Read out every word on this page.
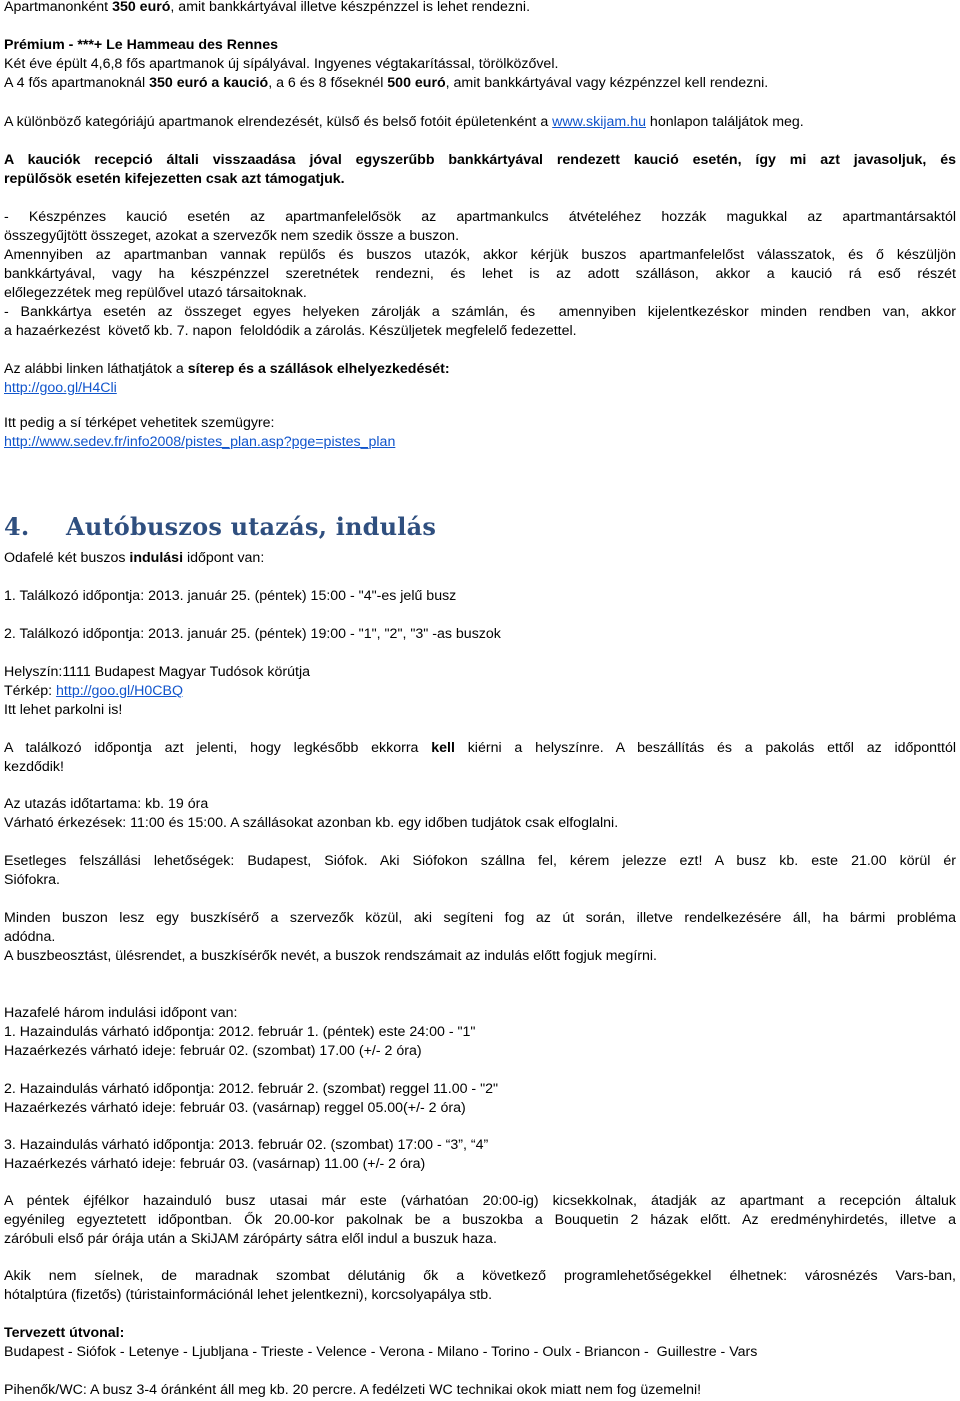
Apartmanonként 350 euró, amit bankkártyával illetve készpénzzel is lehet rendezni.
Prémium - ***+ Le Hammeau des Rennes
Két éve épült 4,6,8 fős apartmanok új sípályával. Ingyenes végtakarítással, törölközővel.
A 4 fős apartmanoknál 350 euró a kaució, a 6 és 8 főseknél 500 euró, amit bankkártyával vagy kézpénzzel kell rendezni.
A különböző kategóriájú apartmanok elrendezését, külső és belső fotóit épületenként a www.skijam.hu honlapon találjátok meg.
A kauciók recepció általi visszaadása jóval egyszerűbb bankkártyával rendezett kaució esetén, így mi azt javasoljuk, és
repülősök esetén kifejezetten csak azt támogatjuk.
- Készpénzes kaució esetén az apartmanfelelősök az apartmankulcs átvételéhez hozzák magukkal az apartmantársaktól
összegyűjtött összeget, azokat a szervezők nem szedik össze a buszon.
Amennyiben az apartmanban vannak repülős és buszos utazók, akkor kérjük buszos apartmanfelelőst válasszatok, és ő készüljön
bankkártyával, vagy ha készpénzzel szeretnétek rendezni, és lehet is az adott szálláson, akkor a kaució rá eső részét
előlegezzétek meg repülővel utazó társaitoknak.
- Bankkártya esetén az összeget egyes helyeken zárolják a számlán, és  amennyiben kijelentkezéskor minden rendben van, akkor
a hazaérkezést  követő kb. 7. napon  feloldódik a zárolás. Készüljetek megfelelő fedezettel.
Az alábbi linken láthatjátok a síterep és a szállások elhelyezkedését:
http://goo.gl/H4Cli
Itt pedig a sí térképet vehetitek szemügyre:
http://www.sedev.fr/info2008/pistes_plan.asp?pge=pistes_plan
4. Autóbuszos utazás, indulás
Odafelé két buszos indulási időpont van:
1. Találkozó időpontja: 2013. január 25. (péntek) 15:00 - "4"-es jelű busz
2. Találkozó időpontja: 2013. január 25. (péntek) 19:00 - "1", "2", "3" -as buszok
Helyszín:1111 Budapest Magyar Tudósok körútja
Térkép: http://goo.gl/H0CBQ
Itt lehet parkolni is!
A találkozó időpontja azt jelenti, hogy legkésőbb ekkorra kell kiérni a helyszínre. A beszállítás és a pakolás ettől az időponttól
kezdődik!
Az utazás időtartama: kb. 19 óra
Várható érkezések: 11:00 és 15:00. A szállásokat azonban kb. egy időben tudjátok csak elfoglalni.
Esetleges felszállási lehetőségek: Budapest, Siófok. Aki Siófokon szállna fel, kérem jelezze ezt! A busz kb. este 21.00 körül ér
Siófokra.
Minden buszon lesz egy buszkísérő a szervezők közül, aki segíteni fog az út során, illetve rendelkezésére áll, ha bármi probléma
adódna.
A buszbeosztást, ülésrendet, a buszkísérők nevét, a buszok rendszámait az indulás előtt fogjuk megírni.
Hazafelé három indulási időpont van:
1. Hazaindulás várható időpontja: 2012. február 1. (péntek) este 24:00 - "1"
Hazaérkezés várható ideje: február 02. (szombat) 17.00 (+/- 2 óra)
2. Hazaindulás várható időpontja: 2012. február 2. (szombat) reggel 11.00 - "2"
Hazaérkezés várható ideje: február 03. (vasárnap) reggel 05.00(+/- 2 óra)
3. Hazaindulás várható időpontja: 2013. február 02. (szombat) 17:00 - “3”, “4”
Hazaérkezés várható ideje: február 03. (vasárnap) 11.00 (+/- 2 óra)
A péntek éjfélkor hazainduló busz utasai már este (várhatóan 20:00-ig) kicsekkolnak, átadják az apartmant a recepción általuk
egyénileg egyeztetett időpontban. Ők 20.00-kor pakolnak be a buszokba a Bouquetin 2 házak előtt. Az eredményhirdetés, illetve a
záróbuli első pár órája után a SkiJAM zárópárty sátra elől indul a buszuk haza.
Akik nem síelnek, de maradnak szombat délutánig ők a következő programlehetőségekkel élhetnek: városnézés Vars-ban,
hótalptúra (fizetős) (túristainformációnál lehet jelentkezni), korcsolyapálya stb.
Tervezett útvonal:
Budapest - Siófok - Letenye - Ljubljana - Trieste - Velence - Verona - Milano - Torino - Oulx - Briancon -  Guillestre - Vars
Pihenők/WC: A busz 3-4 óránként áll meg kb. 20 percre. A fedélzeti WC technikai okok miatt nem fog üzemelni!
